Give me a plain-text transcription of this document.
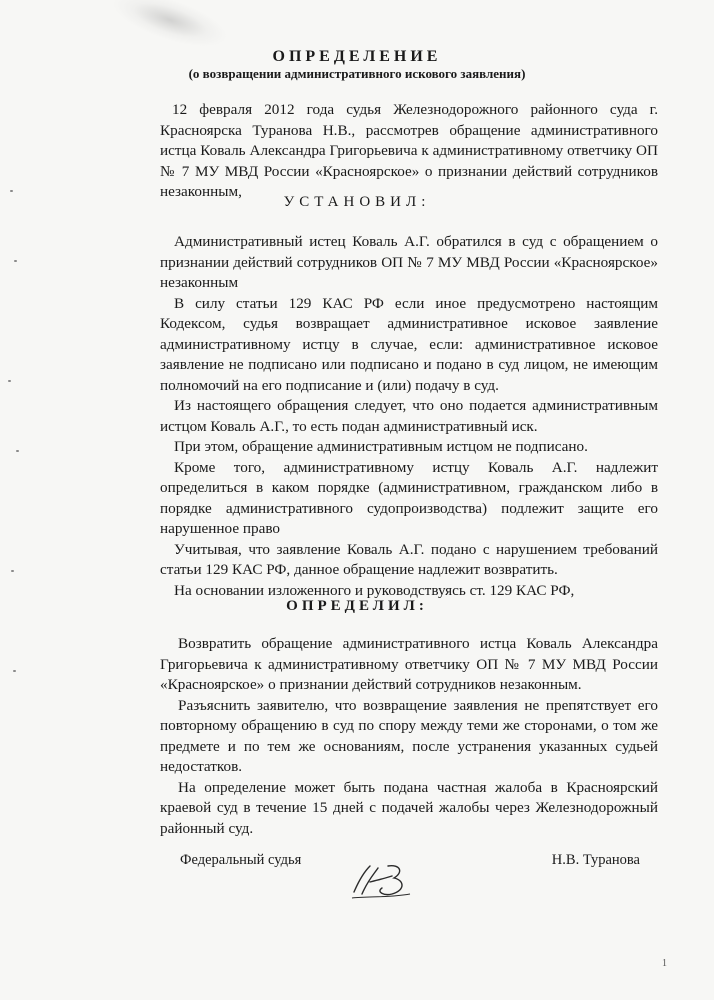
ОПРЕДЕЛЕНИЕ
(о возвращении административного искового заявления)

12 февраля 2012 года судья Железнодорожного районного суда г. Красноярска Туранова Н.В., рассмотрев обращение административного истца Коваль Александра Григорьевича к административному ответчику ОП № 7 МУ МВД России «Красноярское» о признании действий сотрудников незаконным,

УСТАНОВИЛ:

Административный истец Коваль А.Г. обратился в суд с обращением о признании действий сотрудников ОП № 7 МУ МВД России «Красноярское» незаконным

В силу статьи 129 КАС РФ если иное предусмотрено настоящим Кодексом, судья возвращает административное исковое заявление административному истцу в случае, если: административное исковое заявление не подписано или подписано и подано в суд лицом, не имеющим полномочий на его подписание и (или) подачу в суд.

Из настоящего обращения следует, что оно подается административным истцом Коваль А.Г., то есть подан административный иск.

При этом, обращение административным истцом не подписано.

Кроме того, административному истцу Коваль А.Г. надлежит определиться в каком порядке (административном, гражданском либо в порядке административного судопроизводства) подлежит защите его нарушенное право

Учитывая, что заявление Коваль А.Г. подано с нарушением требований статьи 129 КАС РФ, данное обращение надлежит возвратить.

На основании изложенного и руководствуясь ст. 129 КАС РФ,

ОПРЕДЕЛИЛ:

Возвратить обращение административного истца Коваль Александра Григорьевича к административному ответчику ОП № 7 МУ МВД России «Красноярское» о признании действий сотрудников незаконным.

Разъяснить заявителю, что возвращение заявления не препятствует его повторному обращению в суд по спору между теми же сторонами, о том же предмете и по тем же основаниям, после устранения указанных судьей недостатков.

На определение может быть подана частная жалоба в Красноярский краевой суд в течение 15 дней с подачей жалобы через Железнодорожный районный суд.

Федеральный судья	Н.В. Туранова
1
